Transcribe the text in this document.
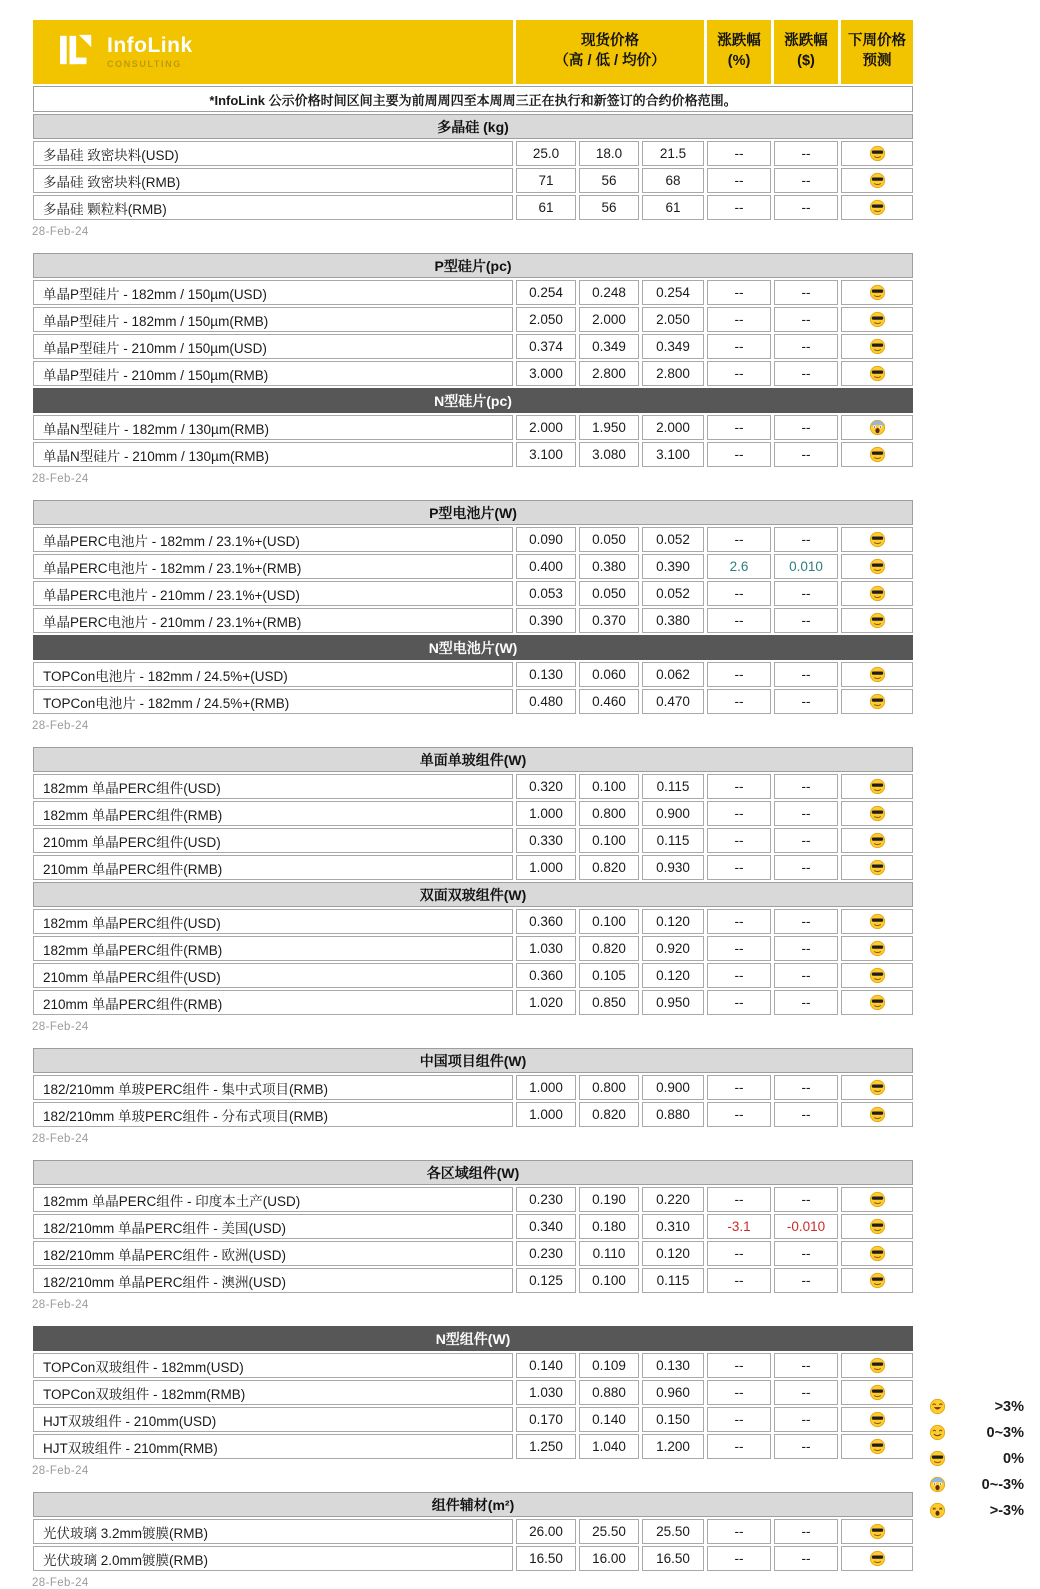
InfoLink
CONSULTING

现货价格
（高 / 低 / 均价）

涨跌幅
(%)

涨跌幅
($)

下周价格
预测

*InfoLink 公示价格时间区间主要为前周周四至本周周三正在执行和新签订的合约价格范围。						
多晶硅 (kg)						
多晶硅 致密块料(USD)	25.0	18.0	21.5	--	--	
多晶硅 致密块料(RMB)	71	56	68	--	--	
多晶硅 颗粒料(RMB)	61	56	61	--	--	
28-Feb-24
P型硅片(pc)						
单晶P型硅片 - 182mm / 150µm(USD)	0.254	0.248	0.254	--	--	
单晶P型硅片 - 182mm / 150µm(RMB)	2.050	2.000	2.050	--	--	
单晶P型硅片 - 210mm / 150µm(USD)	0.374	0.349	0.349	--	--	
单晶P型硅片 - 210mm / 150µm(RMB)	3.000	2.800	2.800	--	--	
N型硅片(pc)						
单晶N型硅片 - 182mm / 130µm(RMB)	2.000	1.950	2.000	--	--	
单晶N型硅片 - 210mm / 130µm(RMB)	3.100	3.080	3.100	--	--	
28-Feb-24
P型电池片(W)						
单晶PERC电池片 - 182mm / 23.1%+(USD)	0.090	0.050	0.052	--	--	
单晶PERC电池片 - 182mm / 23.1%+(RMB)	0.400	0.380	0.390	2.6	0.010	
单晶PERC电池片 - 210mm / 23.1%+(USD)	0.053	0.050	0.052	--	--	
单晶PERC电池片 - 210mm / 23.1%+(RMB)	0.390	0.370	0.380	--	--	
N型电池片(W)						
TOPCon电池片 - 182mm / 24.5%+(USD)	0.130	0.060	0.062	--	--	
TOPCon电池片 - 182mm / 24.5%+(RMB)	0.480	0.460	0.470	--	--	
28-Feb-24
单面单玻组件(W)						
182mm 单晶PERC组件(USD)	0.320	0.100	0.115	--	--	
182mm 单晶PERC组件(RMB)	1.000	0.800	0.900	--	--	
210mm 单晶PERC组件(USD)	0.330	0.100	0.115	--	--	
210mm 单晶PERC组件(RMB)	1.000	0.820	0.930	--	--	
双面双玻组件(W)						
182mm 单晶PERC组件(USD)	0.360	0.100	0.120	--	--	
182mm 单晶PERC组件(RMB)	1.030	0.820	0.920	--	--	
210mm 单晶PERC组件(USD)	0.360	0.105	0.120	--	--	
210mm 单晶PERC组件(RMB)	1.020	0.850	0.950	--	--	
28-Feb-24
中国项目组件(W)						
182/210mm 单玻PERC组件 - 集中式项目(RMB)	1.000	0.800	0.900	--	--	
182/210mm 单玻PERC组件 - 分布式项目(RMB)	1.000	0.820	0.880	--	--	
28-Feb-24
各区域组件(W)						
182mm 单晶PERC组件 - 印度本土产(USD)	0.230	0.190	0.220	--	--	
182/210mm 单晶PERC组件 - 美国(USD)	0.340	0.180	0.310	-3.1	-0.010	
182/210mm 单晶PERC组件 - 欧洲(USD)	0.230	0.110	0.120	--	--	
182/210mm 单晶PERC组件 - 澳洲(USD)	0.125	0.100	0.115	--	--	
28-Feb-24
N型组件(W)						
TOPCon双玻组件 - 182mm(USD)	0.140	0.109	0.130	--	--	
TOPCon双玻组件 - 182mm(RMB)	1.030	0.880	0.960	--	--	
HJT双玻组件 - 210mm(USD)	0.170	0.140	0.150	--	--	
HJT双玻组件 - 210mm(RMB)	1.250	1.040	1.200	--	--	
28-Feb-24
组件辅材(m²)						
光伏玻璃 3.2mm镀膜(RMB)	26.00	25.50	25.50	--	--	
光伏玻璃 2.0mm镀膜(RMB)	16.50	16.00	16.50	--	--	
28-Feb-24
>3%
0~3%
0%
0~-3%
>-3%
